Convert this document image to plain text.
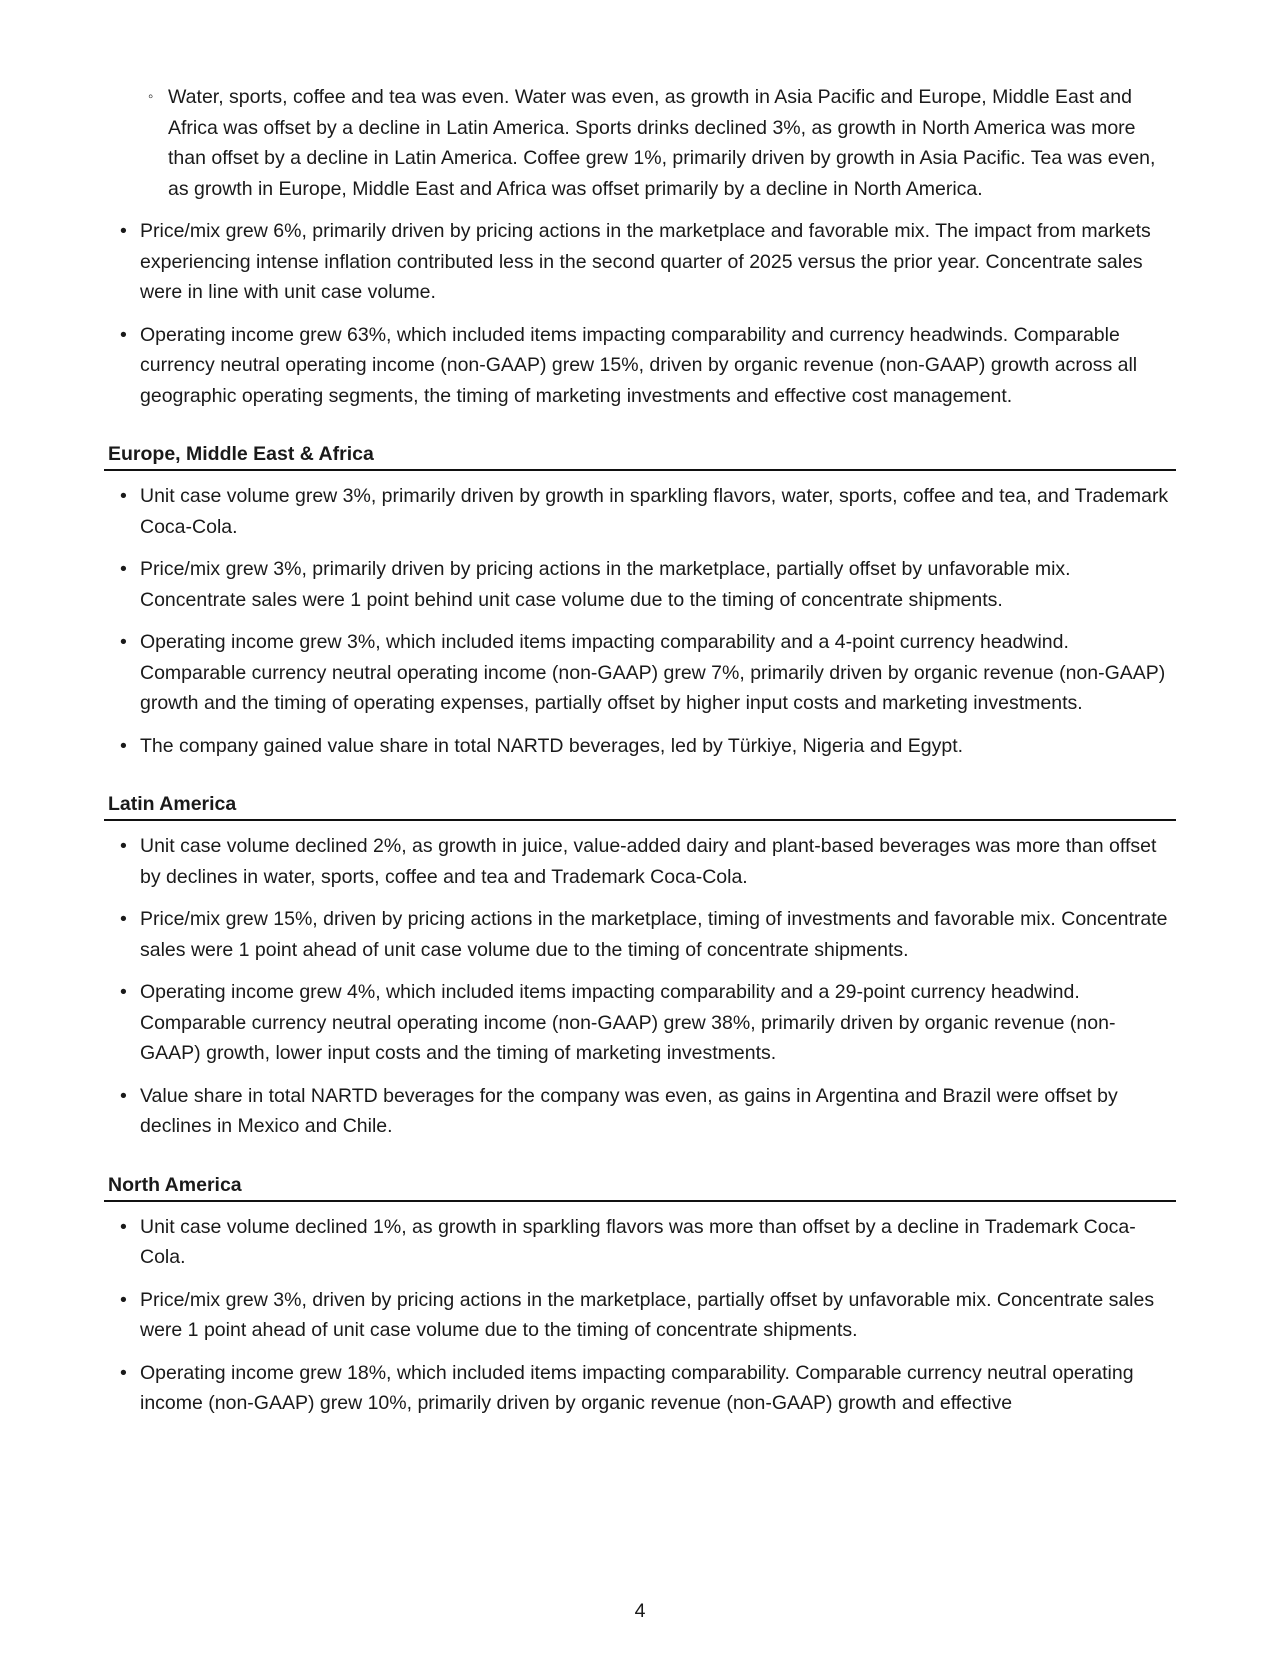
◦ Water, sports, coffee and tea was even. Water was even, as growth in Asia Pacific and Europe, Middle East and Africa was offset by a decline in Latin America. Sports drinks declined 3%, as growth in North America was more than offset by a decline in Latin America. Coffee grew 1%, primarily driven by growth in Asia Pacific. Tea was even, as growth in Europe, Middle East and Africa was offset primarily by a decline in North America.
• Price/mix grew 6%, primarily driven by pricing actions in the marketplace and favorable mix. The impact from markets experiencing intense inflation contributed less in the second quarter of 2025 versus the prior year. Concentrate sales were in line with unit case volume.
• Operating income grew 63%, which included items impacting comparability and currency headwinds. Comparable currency neutral operating income (non-GAAP) grew 15%, driven by organic revenue (non-GAAP) growth across all geographic operating segments, the timing of marketing investments and effective cost management.
Europe, Middle East & Africa
• Unit case volume grew 3%, primarily driven by growth in sparkling flavors, water, sports, coffee and tea, and Trademark Coca-Cola.
• Price/mix grew 3%, primarily driven by pricing actions in the marketplace, partially offset by unfavorable mix. Concentrate sales were 1 point behind unit case volume due to the timing of concentrate shipments.
• Operating income grew 3%, which included items impacting comparability and a 4-point currency headwind. Comparable currency neutral operating income (non-GAAP) grew 7%, primarily driven by organic revenue (non-GAAP) growth and the timing of operating expenses, partially offset by higher input costs and marketing investments.
• The company gained value share in total NARTD beverages, led by Türkiye, Nigeria and Egypt.
Latin America
• Unit case volume declined 2%, as growth in juice, value-added dairy and plant-based beverages was more than offset by declines in water, sports, coffee and tea and Trademark Coca-Cola.
• Price/mix grew 15%, driven by pricing actions in the marketplace, timing of investments and favorable mix. Concentrate sales were 1 point ahead of unit case volume due to the timing of concentrate shipments.
• Operating income grew 4%, which included items impacting comparability and a 29-point currency headwind. Comparable currency neutral operating income (non-GAAP) grew 38%, primarily driven by organic revenue (non-GAAP) growth, lower input costs and the timing of marketing investments.
• Value share in total NARTD beverages for the company was even, as gains in Argentina and Brazil were offset by declines in Mexico and Chile.
North America
• Unit case volume declined 1%, as growth in sparkling flavors was more than offset by a decline in Trademark Coca-Cola.
• Price/mix grew 3%, driven by pricing actions in the marketplace, partially offset by unfavorable mix. Concentrate sales were 1 point ahead of unit case volume due to the timing of concentrate shipments.
• Operating income grew 18%, which included items impacting comparability. Comparable currency neutral operating income (non-GAAP) grew 10%, primarily driven by organic revenue (non-GAAP) growth and effective
4
